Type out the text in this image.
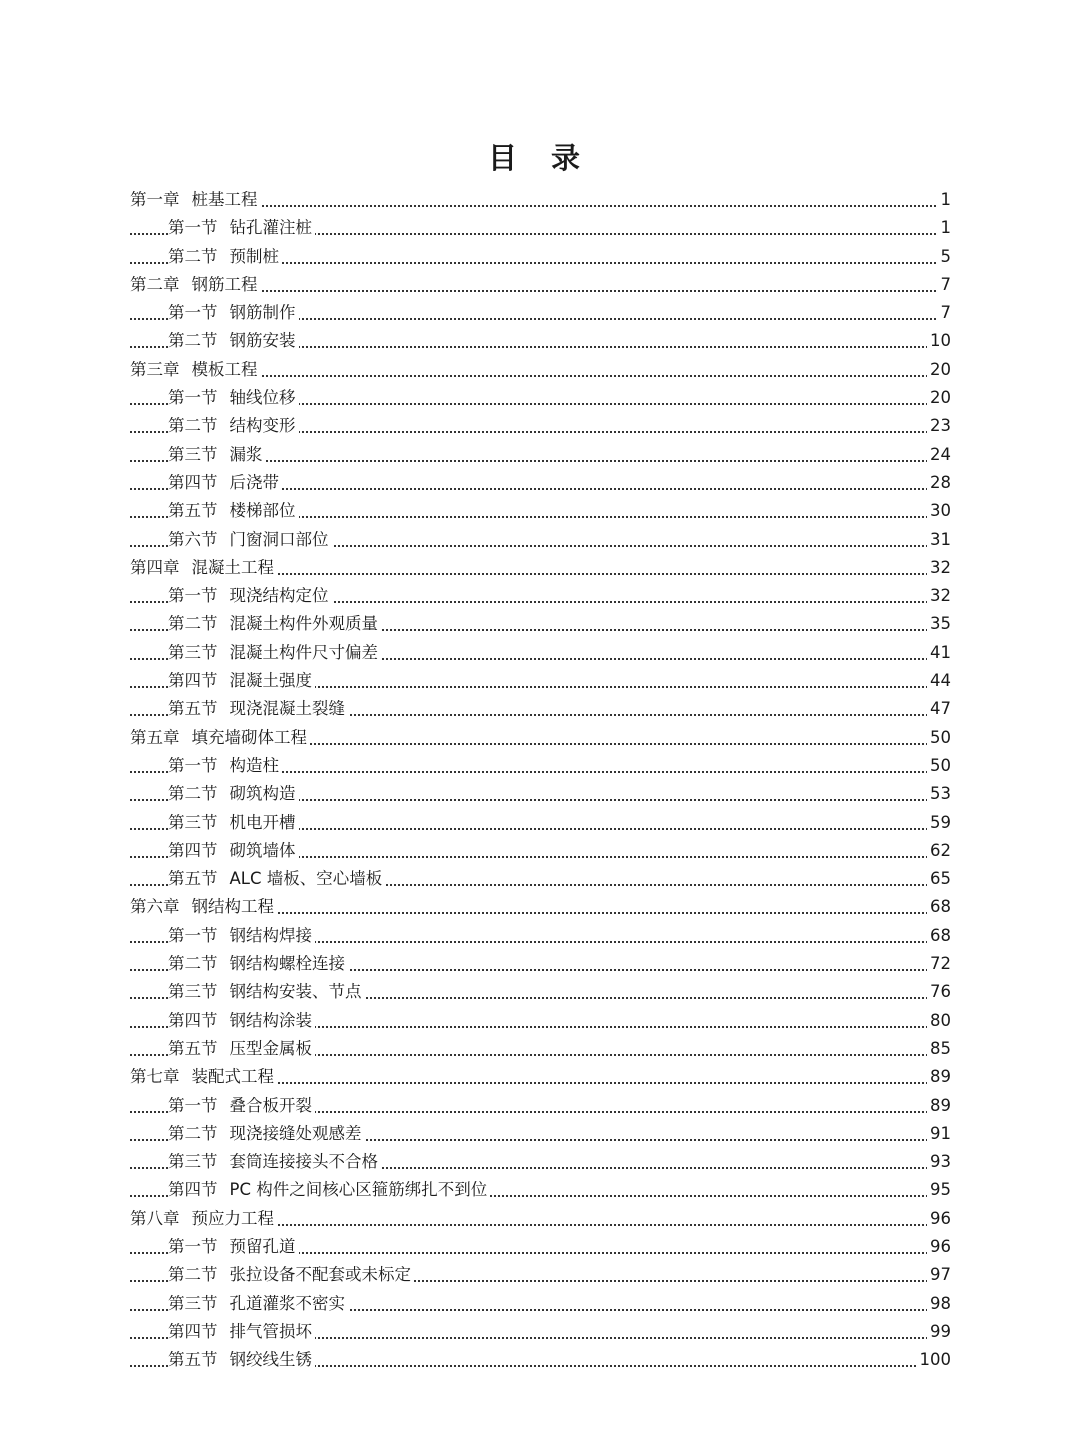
目 录
第一章 桩基工程	1
第一节 钻孔灌注桩	1
第二节 预制桩	5
第二章 钢筋工程	7
第一节 钢筋制作	7
第二节 钢筋安装	10
第三章 模板工程	20
第一节 轴线位移	20
第二节 结构变形	23
第三节 漏浆	24
第四节 后浇带	28
第五节 楼梯部位	30
第六节 门窗洞口部位	31
第四章 混凝土工程	32
第一节 现浇结构定位	32
第二节 混凝土构件外观质量	35
第三节 混凝土构件尺寸偏差	41
第四节 混凝土强度	44
第五节 现浇混凝土裂缝	47
第五章 填充墙砌体工程	50
第一节 构造柱	50
第二节 砌筑构造	53
第三节 机电开槽	59
第四节 砌筑墙体	62
第五节 ALC 墙板、空心墙板	65
第六章 钢结构工程	68
第一节 钢结构焊接	68
第二节 钢结构螺栓连接	72
第三节 钢结构安装、节点	76
第四节 钢结构涂装	80
第五节 压型金属板	85
第七章 装配式工程	89
第一节 叠合板开裂	89
第二节 现浇接缝处观感差	91
第三节 套筒连接接头不合格	93
第四节 PC 构件之间核心区箍筋绑扎不到位	95
第八章 预应力工程	96
第一节 预留孔道	96
第二节 张拉设备不配套或未标定	97
第三节 孔道灌浆不密实	98
第四节 排气管损坏	99
第五节 钢绞线生锈	100
